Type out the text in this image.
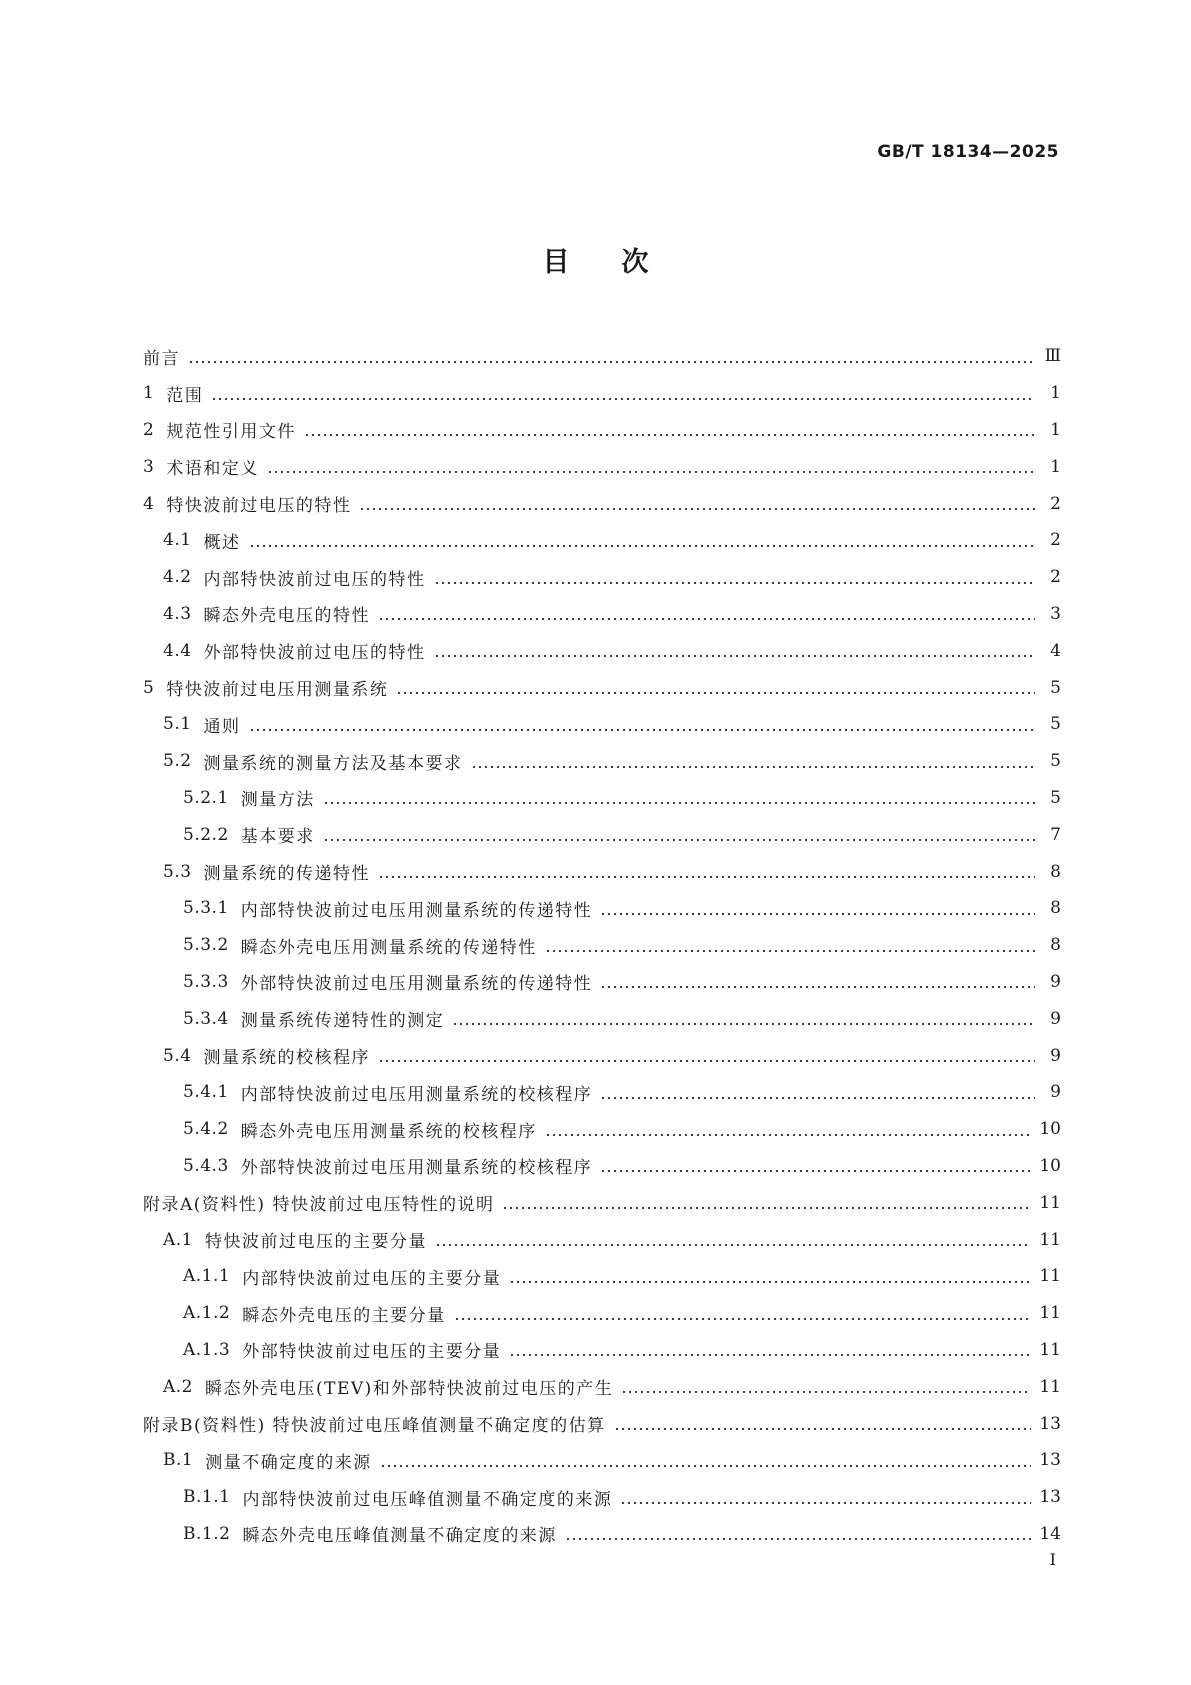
GB/T 18134—2025
目次
前言	Ⅲ
1 范围	1
2 规范性引用文件	1
3 术语和定义	1
4 特快波前过电压的特性	2
4.1 概述	2
4.2 内部特快波前过电压的特性	2
4.3 瞬态外壳电压的特性	3
4.4 外部特快波前过电压的特性	4
5 特快波前过电压用测量系统	5
5.1 通则	5
5.2 测量系统的测量方法及基本要求	5
5.2.1 测量方法	5
5.2.2 基本要求	7
5.3 测量系统的传递特性	8
5.3.1 内部特快波前过电压用测量系统的传递特性	8
5.3.2 瞬态外壳电压用测量系统的传递特性	8
5.3.3 外部特快波前过电压用测量系统的传递特性	9
5.3.4 测量系统传递特性的测定	9
5.4 测量系统的校核程序	9
5.4.1 内部特快波前过电压用测量系统的校核程序	9
5.4.2 瞬态外壳电压用测量系统的校核程序	10
5.4.3 外部特快波前过电压用测量系统的校核程序	10
附录A(资料性) 特快波前过电压特性的说明	11
A.1 特快波前过电压的主要分量	11
A.1.1 内部特快波前过电压的主要分量	11
A.1.2 瞬态外壳电压的主要分量	11
A.1.3 外部特快波前过电压的主要分量	11
A.2 瞬态外壳电压(TEV)和外部特快波前过电压的产生	11
附录B(资料性) 特快波前过电压峰值测量不确定度的估算	13
B.1 测量不确定度的来源	13
B.1.1 内部特快波前过电压峰值测量不确定度的来源	13
B.1.2 瞬态外壳电压峰值测量不确定度的来源	14
I
